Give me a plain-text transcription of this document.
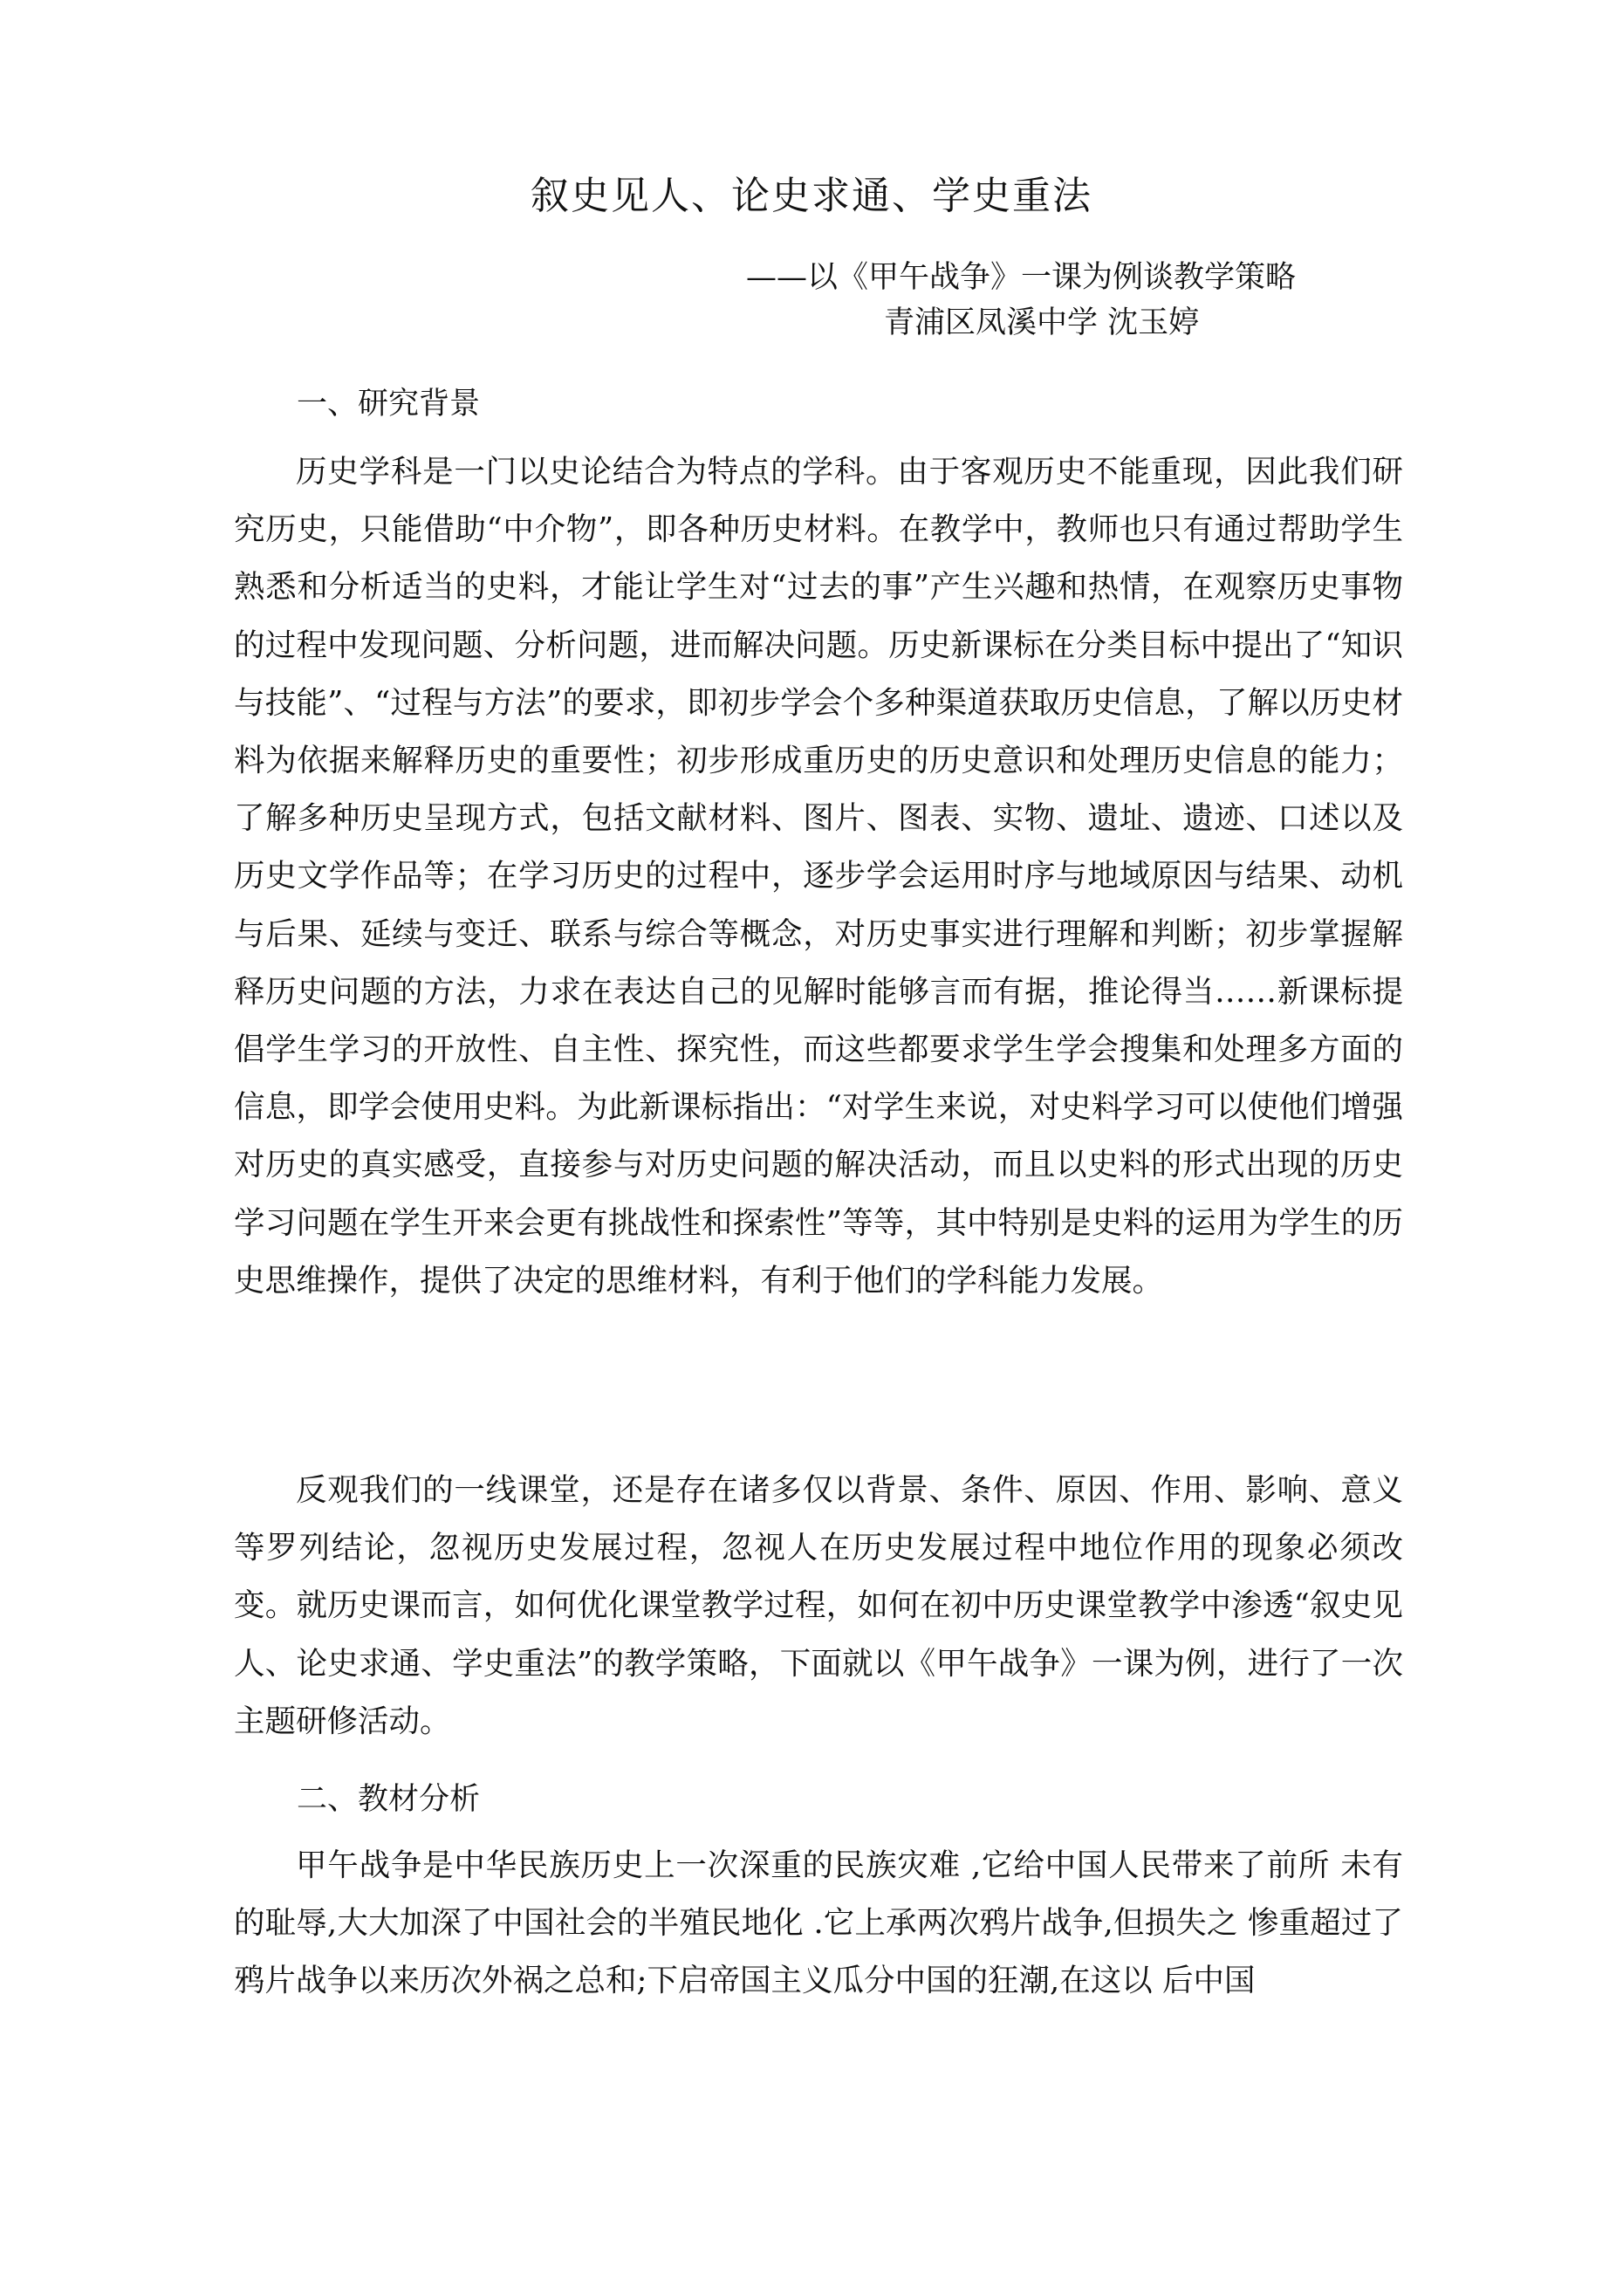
叙史见人、论史求通、学史重法
——以《甲午战争》一课为例谈教学策略
青浦区凤溪中学 沈玉婷
一、研究背景
历史学科是一门以史论结合为特点的学科。由于客观历史不能重现，因此我们研究历史，只能借助“中介物”，即各种历史材料。在教学中，教师也只有通过帮助学生熟悉和分析适当的史料，才能让学生对“过去的事”产生兴趣和热情，在观察历史事物的过程中发现问题、分析问题，进而解决问题。历史新课标在分类目标中提出了“知识与技能”、“过程与方法”的要求，即初步学会个多种渠道获取历史信息，了解以历史材料为依据来解释历史的重要性；初步形成重历史的历史意识和处理历史信息的能力；了解多种历史呈现方式，包括文献材料、图片、图表、实物、遗址、遗迹、口述以及历史文学作品等；在学习历史的过程中，逐步学会运用时序与地域原因与结果、动机与后果、延续与变迁、联系与综合等概念，对历史事实进行理解和判断；初步掌握解释历史问题的方法，力求在表达自己的见解时能够言而有据，推论得当……新课标提倡学生学习的开放性、自主性、探究性，而这些都要求学生学会搜集和处理多方面的信息，即学会使用史料。为此新课标指出：“对学生来说，对史料学习可以使他们增强对历史的真实感受，直接参与对历史问题的解决活动，而且以史料的形式出现的历史学习问题在学生开来会更有挑战性和探索性”等等，其中特别是史料的运用为学生的历史思维操作，提供了决定的思维材料，有利于他们的学科能力发展。
反观我们的一线课堂，还是存在诸多仅以背景、条件、原因、作用、影响、意义等罗列结论，忽视历史发展过程，忽视人在历史发展过程中地位作用的现象必须改变。就历史课而言，如何优化课堂教学过程，如何在初中历史课堂教学中渗透“叙史见人、论史求通、学史重法”的教学策略，下面就以《甲午战争》一课为例，进行了一次主题研修活动。
二、教材分析
甲午战争是中华民族历史上一次深重的民族灾难 ,它给中国人民带来了前所 未有的耻辱,大大加深了中国社会的半殖民地化 .它上承两次鸦片战争,但损失之 惨重超过了鸦片战争以来历次外祸之总和;下启帝国主义瓜分中国的狂潮,在这以 后中国
